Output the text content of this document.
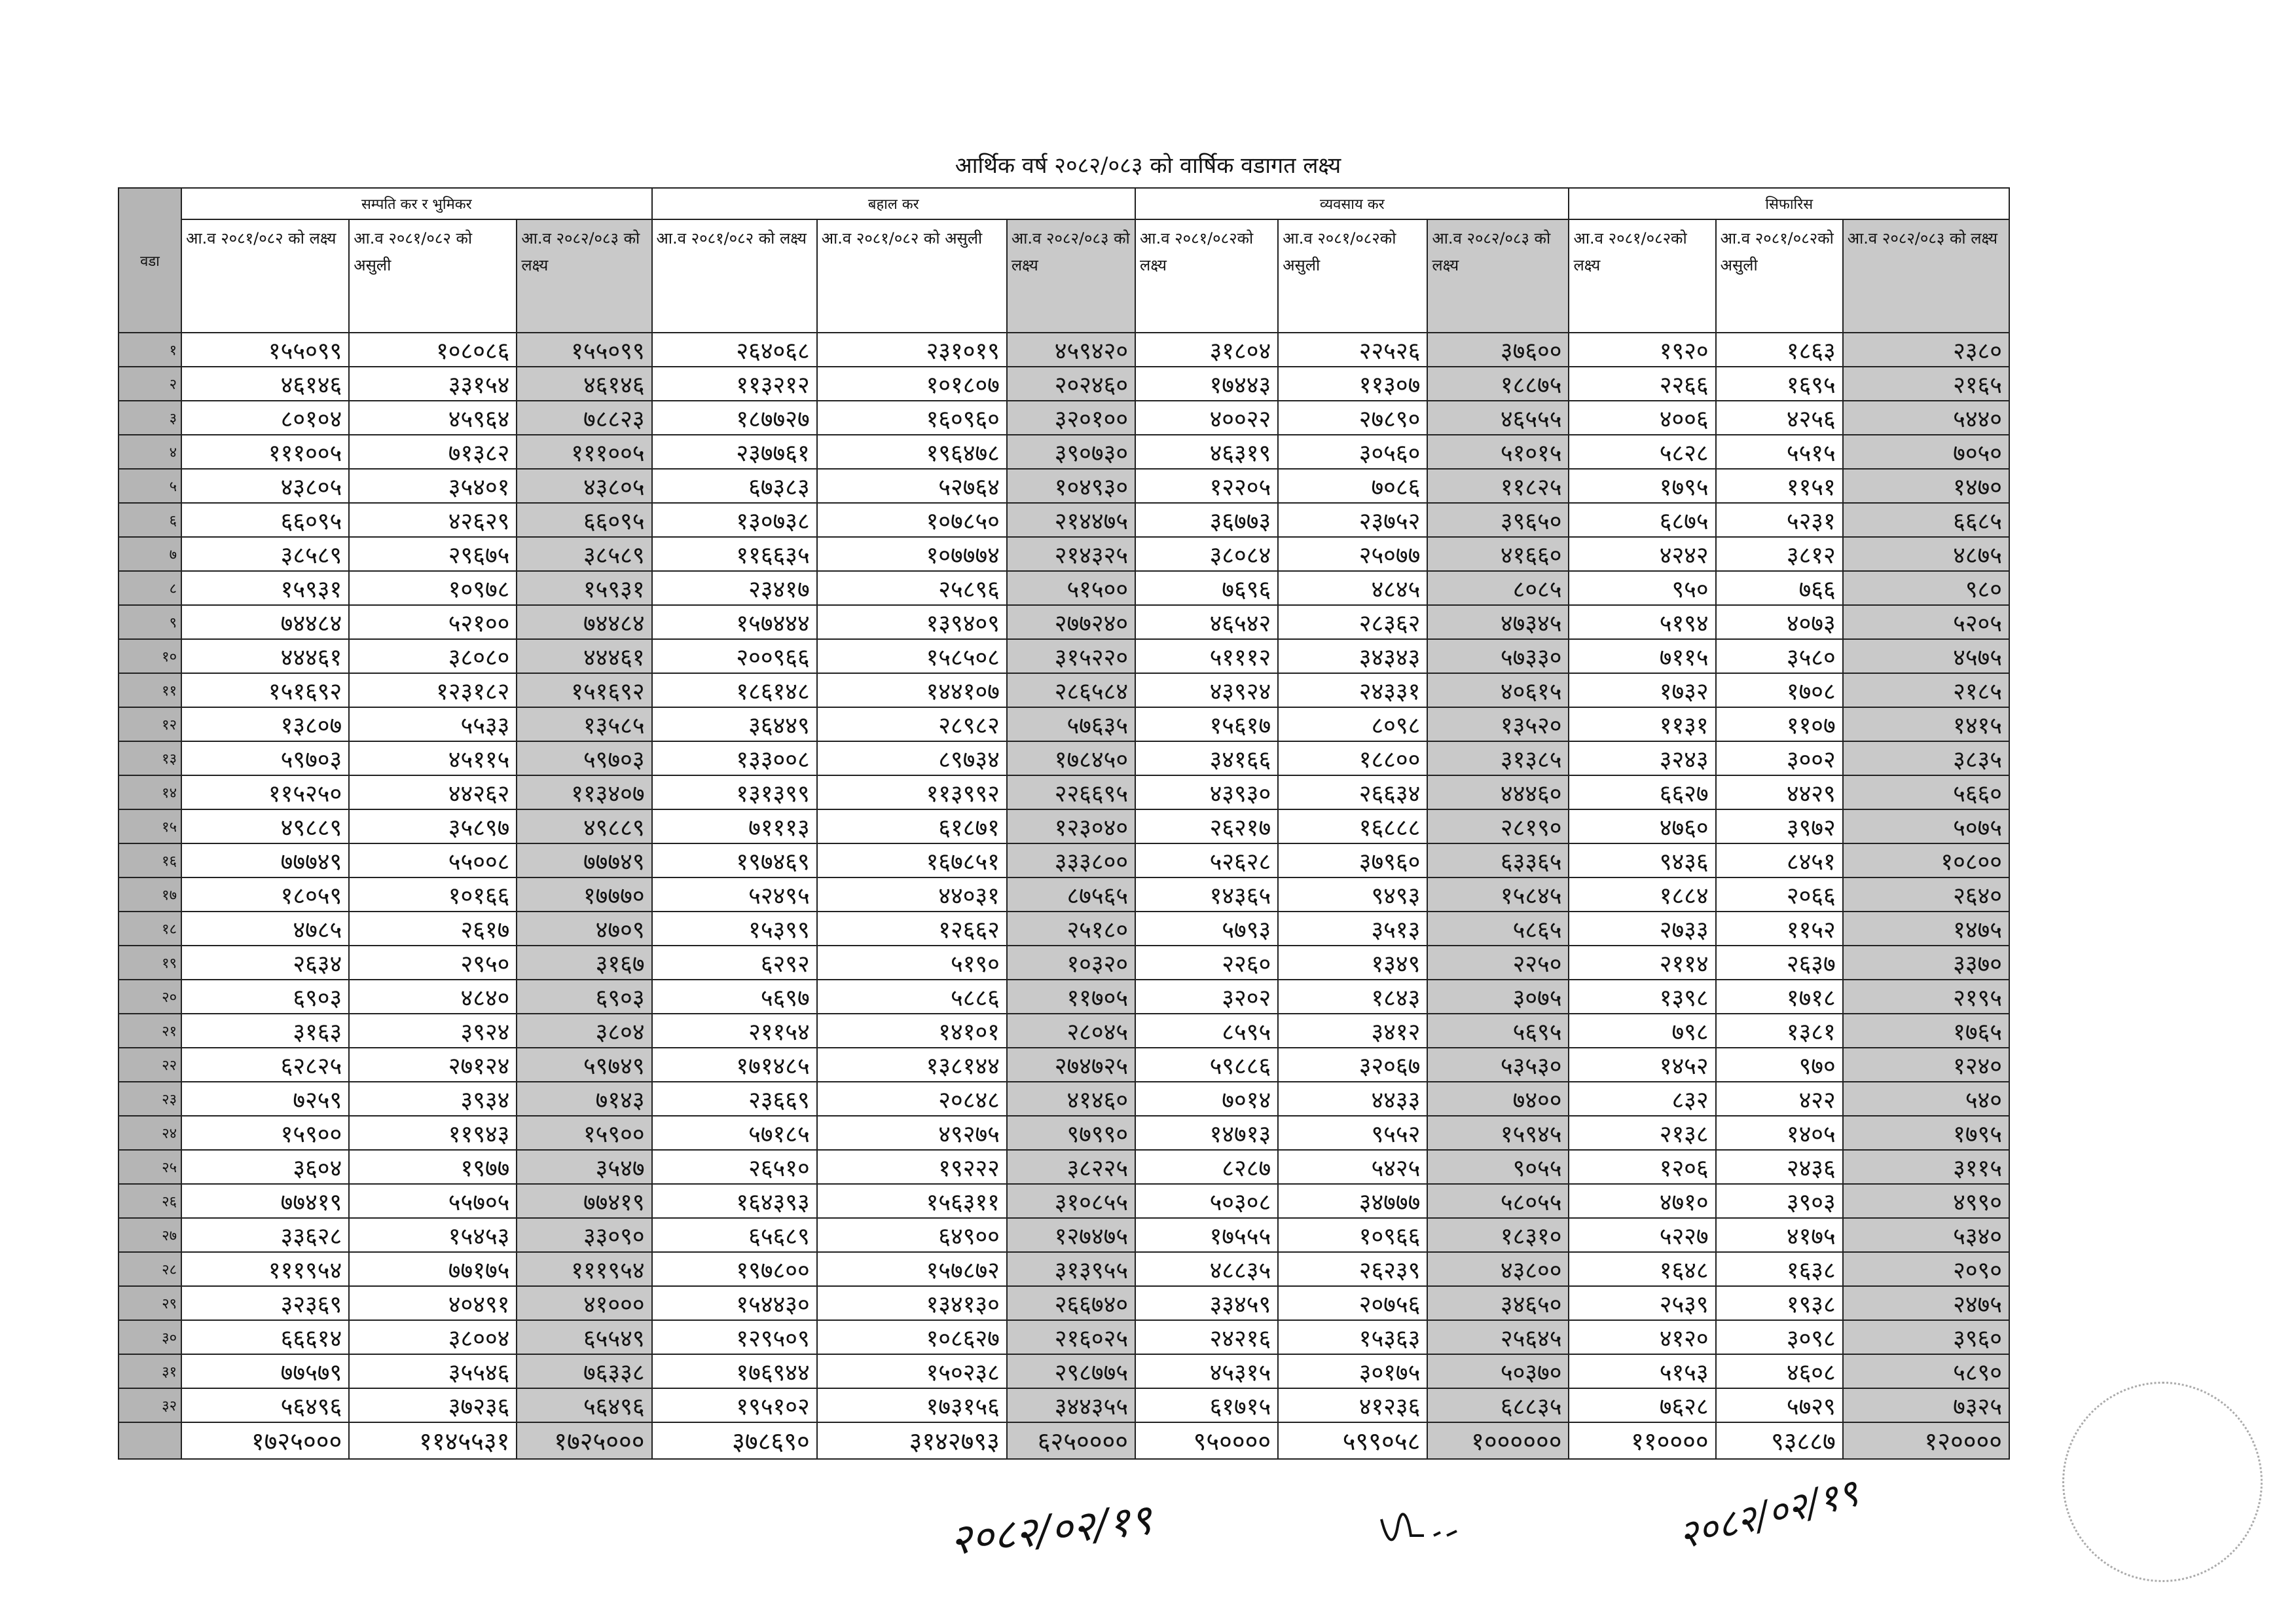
आर्थिक वर्ष २०८२/०८३ को वार्षिक वडागत लक्ष्य
वडा	सम्पति कर र भुमिकर			बहाल कर			व्यवसाय कर			सिफारिस		
	आ.व २०८१/०८२ को लक्ष्य	आ.व २०८१/०८२ को असुली	आ.व २०८२/०८३ को लक्ष्य	आ.व २०८१/०८२ को लक्ष्य	आ.व २०८१/०८२ को असुली	आ.व २०८२/०८३ को लक्ष्य	आ.व २०८१/०८२को लक्ष्य	आ.व २०८१/०८२को असुली	आ.व २०८२/०८३ को लक्ष्य	आ.व २०८१/०८२को लक्ष्य	आ.व २०८१/०८२को असुली	आ.व २०८२/०८३ को लक्ष्य
१	१५५०९९	१०८०८६	१५५०९९	२६४०६८	२३१०१९	४५९४२०	३१८०४	२२५२६	३७६००	१९२०	१८६३	२३८०
२	४६१४६	३३१५४	४६१४६	११३२१२	१०१८०७	२०२४६०	१७४४३	११३०७	१८८७५	२२६६	१६९५	२१६५
३	८०१०४	४५९६४	७८८२३	१८७७२७	१६०९६०	३२०१००	४००२२	२७८९०	४६५५५	४००६	४२५६	५४४०
४	१११००५	७१३८२	१११००५	२३७७६१	१९६४७८	३९०७३०	४६३१९	३०५६०	५१०१५	५८२८	५५१५	७०५०
५	४३८०५	३५४०१	४३८०५	६७३८३	५२७६४	१०४९३०	१२२०५	७०८६	११८२५	१७९५	११५१	१४७०
६	६६०९५	४२६२९	६६०९५	१३०७३८	१०७८५०	२१४४७५	३६७७३	२३७५२	३९६५०	६८७५	५२३१	६६८५
७	३८५८९	२९६७५	३८५८९	११६६३५	१०७७७४	२१४३२५	३८०८४	२५०७७	४१६६०	४२४२	३८१२	४८७५
८	१५९३१	१०९७८	१५९३१	२३४१७	२५८९६	५१५००	७६९६	४८४५	८०८५	९५०	७६६	९८०
९	७४४८४	५२१००	७४४८४	१५७४४४	१३९४०९	२७७२४०	४६५४२	२८३६२	४७३४५	५१९४	४०७३	५२०५
१०	४४४६१	३८०८०	४४४६१	२००९६६	१५८५०८	३१५२२०	५१११२	३४३४३	५७३३०	७११५	३५८०	४५७५
११	१५१६९२	१२३१८२	१५१६९२	१८६१४८	१४४१०७	२८६५८४	४३९२४	२४३३१	४०६१५	१७३२	१७०८	२१८५
१२	१३८०७	५५३३	१३५८५	३६४४९	२८९८२	५७६३५	१५६१७	८०९८	१३५२०	११३१	११०७	१४१५
१३	५९७०३	४५११५	५९७०३	१३३००८	८९७३४	१७८४५०	३४१६६	१८८००	३१३८५	३२४३	३००२	३८३५
१४	११५२५०	४४२६२	११३४०७	१३१३९९	११३९९२	२२६६९५	४३९३०	२६६३४	४४४६०	६६२७	४४२९	५६६०
१५	४९८८९	३५८९७	४९८८९	७१११३	६१८७१	१२३०४०	२६२१७	१६८८८	२८१९०	४७६०	३९७२	५०७५
१६	७७७४९	५५००८	७७७४९	१९७४६९	१६७८५१	३३३८००	५२६२८	३७९६०	६३३६५	९४३६	८४५१	१०८००
१७	१८०५९	१०१६६	१७७७०	५२४९५	४४०३१	८७५६५	१४३६५	९४९३	१५८४५	१८८४	२०६६	२६४०
१८	४७८५	२६१७	४७०९	१५३९९	१२६६२	२५१८०	५७९३	३५१३	५८६५	२७३३	११५२	१४७५
१९	२६३४	२९५०	३१६७	६२९२	५१९०	१०३२०	२२६०	१३४९	२२५०	२११४	२६३७	३३७०
२०	६९०३	४८४०	६९०३	५६९७	५८८६	११७०५	३२०२	१८४३	३०७५	१३९८	१७१८	२१९५
२१	३१६३	३९२४	३८०४	२११५४	१४१०१	२८०४५	८५९५	३४१२	५६९५	७९८	१३८१	१७६५
२२	६२८२५	२७१२४	५९७४९	१७१४८५	१३८१४४	२७४७२५	५९८८६	३२०६७	५३५३०	१४५२	९७०	१२४०
२३	७२५९	३९३४	७१४३	२३६६९	२०८४८	४१४६०	७०१४	४४३३	७४००	८३२	४२२	५४०
२४	१५९००	११९४३	१५९००	५७१८५	४९२७५	९७९९०	१४७१३	९५५२	१५९४५	२१३८	१४०५	१७९५
२५	३६०४	१९७७	३५४७	२६५१०	१९२२२	३८२२५	८२८७	५४२५	९०५५	१२०६	२४३६	३११५
२६	७७४१९	५५७०५	७७४१९	१६४३९३	१५६३११	३१०८५५	५०३०८	३४७७७	५८०५५	४७१०	३९०३	४९९०
२७	३३६२८	१५४५३	३३०९०	६५६८९	६४९००	१२७४७५	१७५५५	१०९६६	१८३१०	५२२७	४१७५	५३४०
२८	१११९५४	७७१७५	१११९५४	१९७८००	१५७८७२	३१३९५५	४८८३५	२६२३९	४३८००	१६४८	१६३८	२०९०
२९	३२३६९	४०४९१	४१०००	१५४४३०	१३४१३०	२६६७४०	३३४५९	२०७५६	३४६५०	२५३९	१९३८	२४७५
३०	६६६१४	३८००४	६५५४९	१२९५०९	१०८६२७	२१६०२५	२४२१६	१५३६३	२५६४५	४१२०	३०९८	३९६०
३१	७७५७९	३५५४६	७६३३८	१७६९४४	१५०२३८	२९८७७५	४५३१५	३०१७५	५०३७०	५१५३	४६०८	५८९०
३२	५६४९६	३७२३६	५६४९६	१९५१०२	१७३१५६	३४४३५५	६१७१५	४१२३६	६८८३५	७६२८	५७२९	७३२५
	१७२५०००	११४५५३१	१७२५०००	३७८६९०	३१४२७९३	६२५००००	९५००००	५९९०५८	१००००००	११००००	९३८८७	१२००००
२०८२/०२/१९	२०८२/०२/१९
